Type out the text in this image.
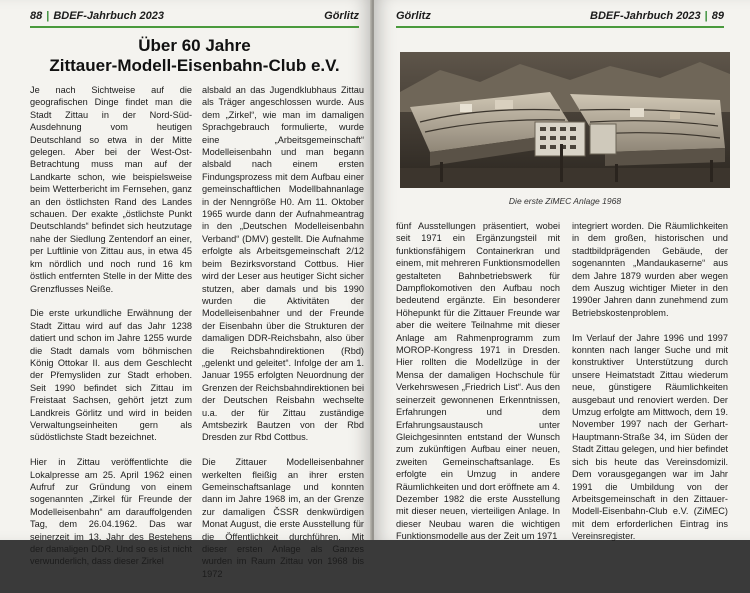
88 | BDEF-Jahrbuch 2023	Görlitz
Über 60 Jahre
Zittauer-Modell-Eisenbahn-Club e.V.

Je nach Sichtweise auf die geografischen Dinge findet man die Stadt Zittau in der Nord-Süd-Ausdehnung vom heutigen Deutschland so etwa in der Mitte gelegen. Aber bei der West-Ost-Betrachtung muss man auf der Landkarte schon, wie beispielsweise beim Wetterbericht im Fernsehen, ganz an den östlichsten Rand des Landes schauen. Der exakte „östlichste Punkt Deutschlands“ befindet sich heutzutage nahe der Siedlung Zentendorf an einer, per Luftlinie von Zittau aus, in etwa 45 km nördlich und noch rund 16 km östlich entfernten Stelle in der Mitte des Grenzflusses Neiße.

Die erste urkundliche Erwähnung der Stadt Zittau wird auf das Jahr 1238 datiert und schon im Jahre 1255 wurde die Stadt damals vom böhmischen König Ottokar II. aus dem Geschlecht der Přemysliden zur Stadt erhoben. Seit 1990 befindet sich Zittau im Freistaat Sachsen, gehört jetzt zum Landkreis Görlitz und wird in beiden Verwaltungseinheiten gern als südöstlichste Stadt bezeichnet.

Hier in Zittau veröffentlichte die Lokalpresse am 25. April 1962 einen Aufruf zur Gründung von einem sogenannten „Zirkel für Freunde der Modelleisenbahn“ am darauffolgenden Tag, dem 26.04.1962. Das war seinerzeit im 13. Jahr des Bestehens der damaligen DDR. Und so es ist nicht verwunderlich, dass dieser Zirkel

alsbald an das Jugendklubhaus Zittau als Träger angeschlossen wurde. Aus dem „Zirkel“, wie man im damaligen Sprachgebrauch formulierte, wurde eine „Arbeitsgemeinschaft“ Modelleisenbahn und man begann alsbald nach einem ersten Findungsprozess mit dem Aufbau einer gemeinschaftlichen Modellbahnanlage in der Nenngröße H0. Am 11. Oktober 1965 wurde dann der Aufnahmeantrag in den „Deutschen Modelleisenbahn Verband“ (DMV) gestellt. Die Aufnahme erfolgte als Arbeitsgemeinschaft 2/12 beim Bezirksvorstand Cottbus. Hier wird der Leser aus heutiger Sicht sicher stutzen, aber damals und bis 1990 wurden die Aktivitäten der Modelleisenbahner und der Freunde der Eisenbahn über die Strukturen der damaligen DDR-Reichsbahn, also über die Reichsbahndirektionen (Rbd) „gelenkt und geleitet“. Infolge der am 1. Januar 1955 erfolgten Neuordnung der Grenzen der Reichsbahndirektionen bei der Deutschen Reisbahn wechselte u.a. der für Zittau zuständige Amtsbezirk Bautzen von der Rbd Dresden zur Rbd Cottbus.

Die Zittauer Modelleisenbahner werkelten fleißig an ihrer ersten Gemeinschaftsanlage und konnten dann im Jahre 1968 im, an der Grenze zur damaligen ČSSR denkwürdigen Monat August, die erste Ausstellung für die Öffentlichkeit durchführen. Mit dieser ersten Anlage als Ganzes wurden im Raum Zittau von 1968 bis 1972

Görlitz	BDEF-Jahrbuch 2023 | 89
Die erste ZiMEC Anlage 1968

fünf Ausstellungen präsentiert, wobei seit 1971 ein Ergänzungsteil mit funktionsfähigem Containerkran und einem, mit mehreren Funktionsmodellen gestalteten Bahnbetriebswerk für Dampflokomotiven den Aufbau noch bedeutend ergänzte. Ein besonderer Höhepunkt für die Zittauer Freunde war aber die weitere Teilnahme mit dieser Anlage am Rahmenprogramm zum MOROP-Kongress 1971 in Dresden. Hier rollten die Modellzüge in der Mensa der damaligen Hochschule für Verkehrswesen „Friedrich List“. Aus den seinerzeit gewonnenen Erkenntnissen, Erfahrungen und dem Erfahrungsaustausch unter Gleichgesinnten entstand der Wunsch zum zukünftigen Aufbau einer neuen, zweiten Gemeinschaftsanlage. Es erfolgte ein Umzug in andere Räumlichkeiten und dort eröffnete am 4. Dezember 1982 die erste Ausstellung mit dieser neuen, vierteiligen Anlage. In dieser Neubau waren die wichtigen Funktionsmodelle aus der Zeit um 1971

integriert worden. Die Räumlichkeiten in dem großen, historischen und stadtbildprägenden Gebäude, der sogenannten „Mandaukaserne“ aus dem Jahre 1879 wurden aber wegen dem Auszug wichtiger Mieter in den 1990er Jahren dann zunehmend zum Betriebskostenproblem.

Im Verlauf der Jahre 1996 und 1997 konnten nach langer Suche und mit konstruktiver Unterstützung durch unsere Heimatstadt Zittau wiederum neue, günstigere Räumlichkeiten ausgebaut und renoviert werden. Der Umzug erfolgte am Mittwoch, dem 19. November 1997 nach der Gerhart-Hauptmann-Straße 34, im Süden der Stadt Zittau gelegen, und hier befindet sich bis heute das Vereinsdomizil. Dem vorausgegangen war im Jahr 1991 die Umbildung von der Arbeitsgemeinschaft in den Zittauer-Modell-Eisenbahn-Club e.V. (ZiMEC) mit dem erforderlichen Eintrag ins Vereinsregister.
